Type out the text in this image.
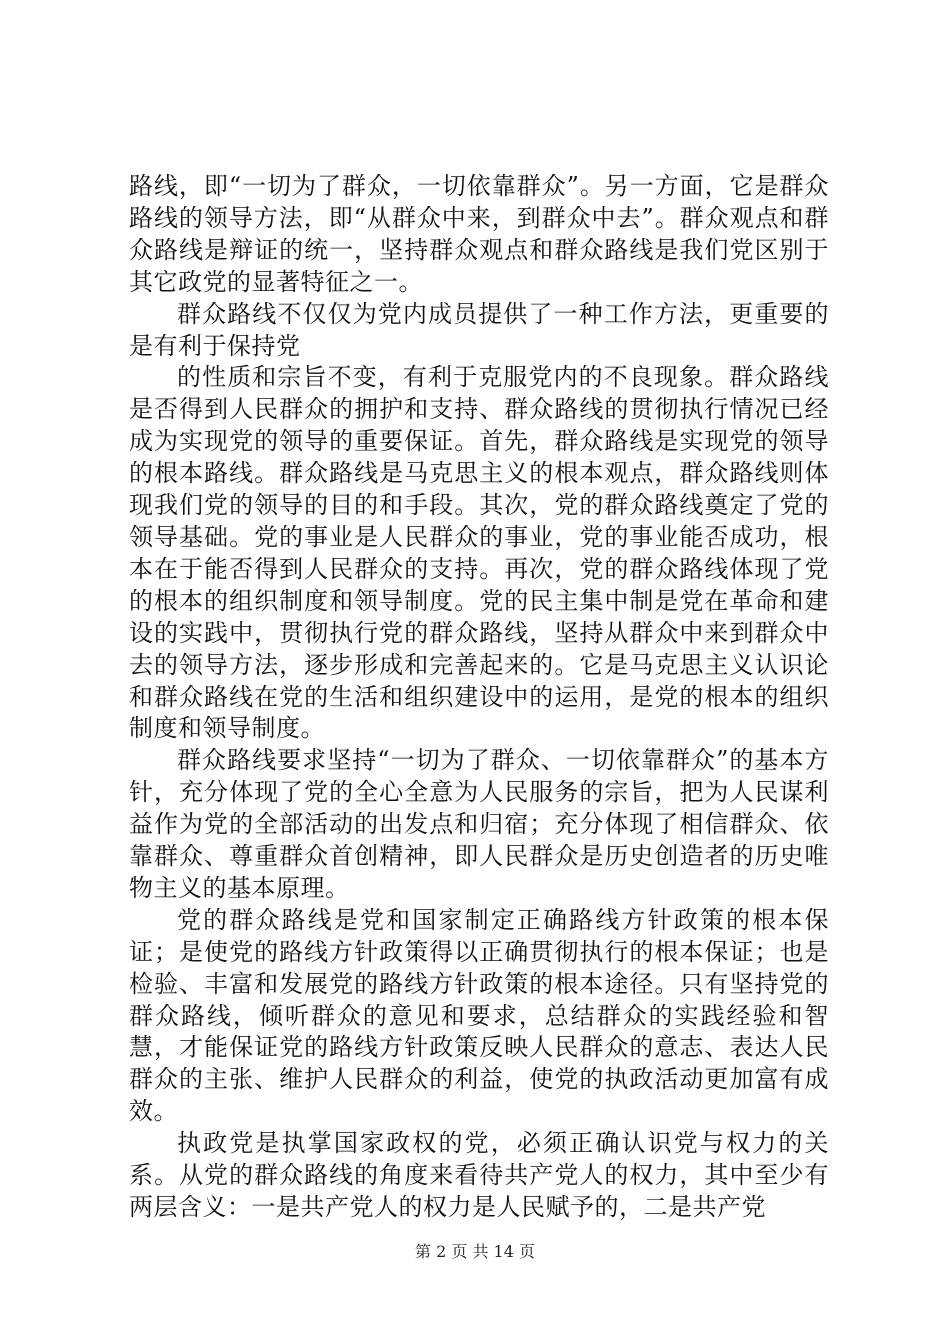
路线，即“一切为了群众，一切依靠群众”。另一方面，它是群众路线的领导方法，即“从群众中来，到群众中去”。群众观点和群众路线是辩证的统一，坚持群众观点和群众路线是我们党区别于其它政党的显著特征之一。

群众路线不仅仅为党内成员提供了一种工作方法，更重要的是有利于保持党

的性质和宗旨不变，有利于克服党内的不良现象。群众路线是否得到人民群众的拥护和支持、群众路线的贯彻执行情况已经成为实现党的领导的重要保证。首先，群众路线是实现党的领导的根本路线。群众路线是马克思主义的根本观点，群众路线则体现我们党的领导的目的和手段。其次，党的群众路线奠定了党的领导基础。党的事业是人民群众的事业，党的事业能否成功，根本在于能否得到人民群众的支持。再次，党的群众路线体现了党的根本的组织制度和领导制度。党的民主集中制是党在革命和建设的实践中，贯彻执行党的群众路线，坚持从群众中来到群众中去的领导方法，逐步形成和完善起来的。它是马克思主义认识论和群众路线在党的生活和组织建设中的运用，是党的根本的组织制度和领导制度。

群众路线要求坚持“一切为了群众、一切依靠群众”的基本方针，充分体现了党的全心全意为人民服务的宗旨，把为人民谋利益作为党的全部活动的出发点和归宿；充分体现了相信群众、依靠群众、尊重群众首创精神，即人民群众是历史创造者的历史唯物主义的基本原理。

党的群众路线是党和国家制定正确路线方针政策的根本保证；是使党的路线方针政策得以正确贯彻执行的根本保证；也是检验、丰富和发展党的路线方针政策的根本途径。只有坚持党的群众路线，倾听群众的意见和要求，总结群众的实践经验和智慧，才能保证党的路线方针政策反映人民群众的意志、表达人民群众的主张、维护人民群众的利益，使党的执政活动更加富有成效。

执政党是执掌国家政权的党，必须正确认识党与权力的关系。从党的群众路线的角度来看待共产党人的权力，其中至少有两层含义：一是共产党人的权力是人民赋予的，二是共产党

第 2 页 共 14 页
